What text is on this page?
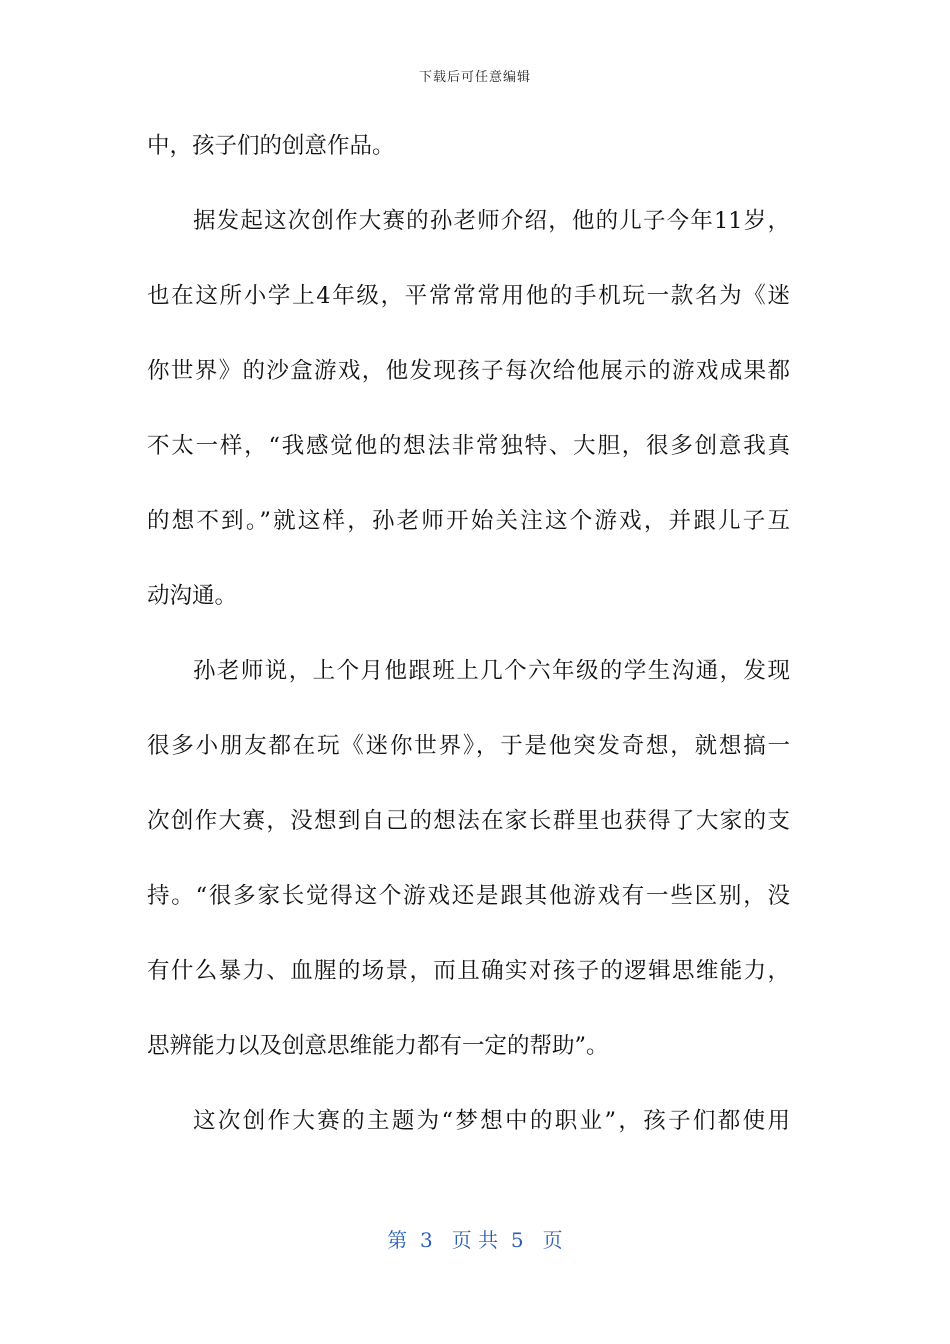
下载后可任意编辑
中，孩子们的创意作品。
据发起这次创作大赛的孙老师介绍，他的儿子今年11岁，
也在这所小学上4年级，平常常常用他的手机玩一款名为《迷
你世界》的沙盒游戏，他发现孩子每次给他展示的游戏成果都
不太一样，“我感觉他的想法非常独特、大胆，很多创意我真
的想不到。”就这样，孙老师开始关注这个游戏，并跟儿子互
动沟通。
孙老师说，上个月他跟班上几个六年级的学生沟通，发现
很多小朋友都在玩《迷你世界》，于是他突发奇想，就想搞一
次创作大赛，没想到自己的想法在家长群里也获得了大家的支
持。“很多家长觉得这个游戏还是跟其他游戏有一些区别，没
有什么暴力、血腥的场景，而且确实对孩子的逻辑思维能力，
思辨能力以及创意思维能力都有一定的帮助”。
这次创作大赛的主题为“梦想中的职业”，孩子们都使用
第  3   页 共  5   页
